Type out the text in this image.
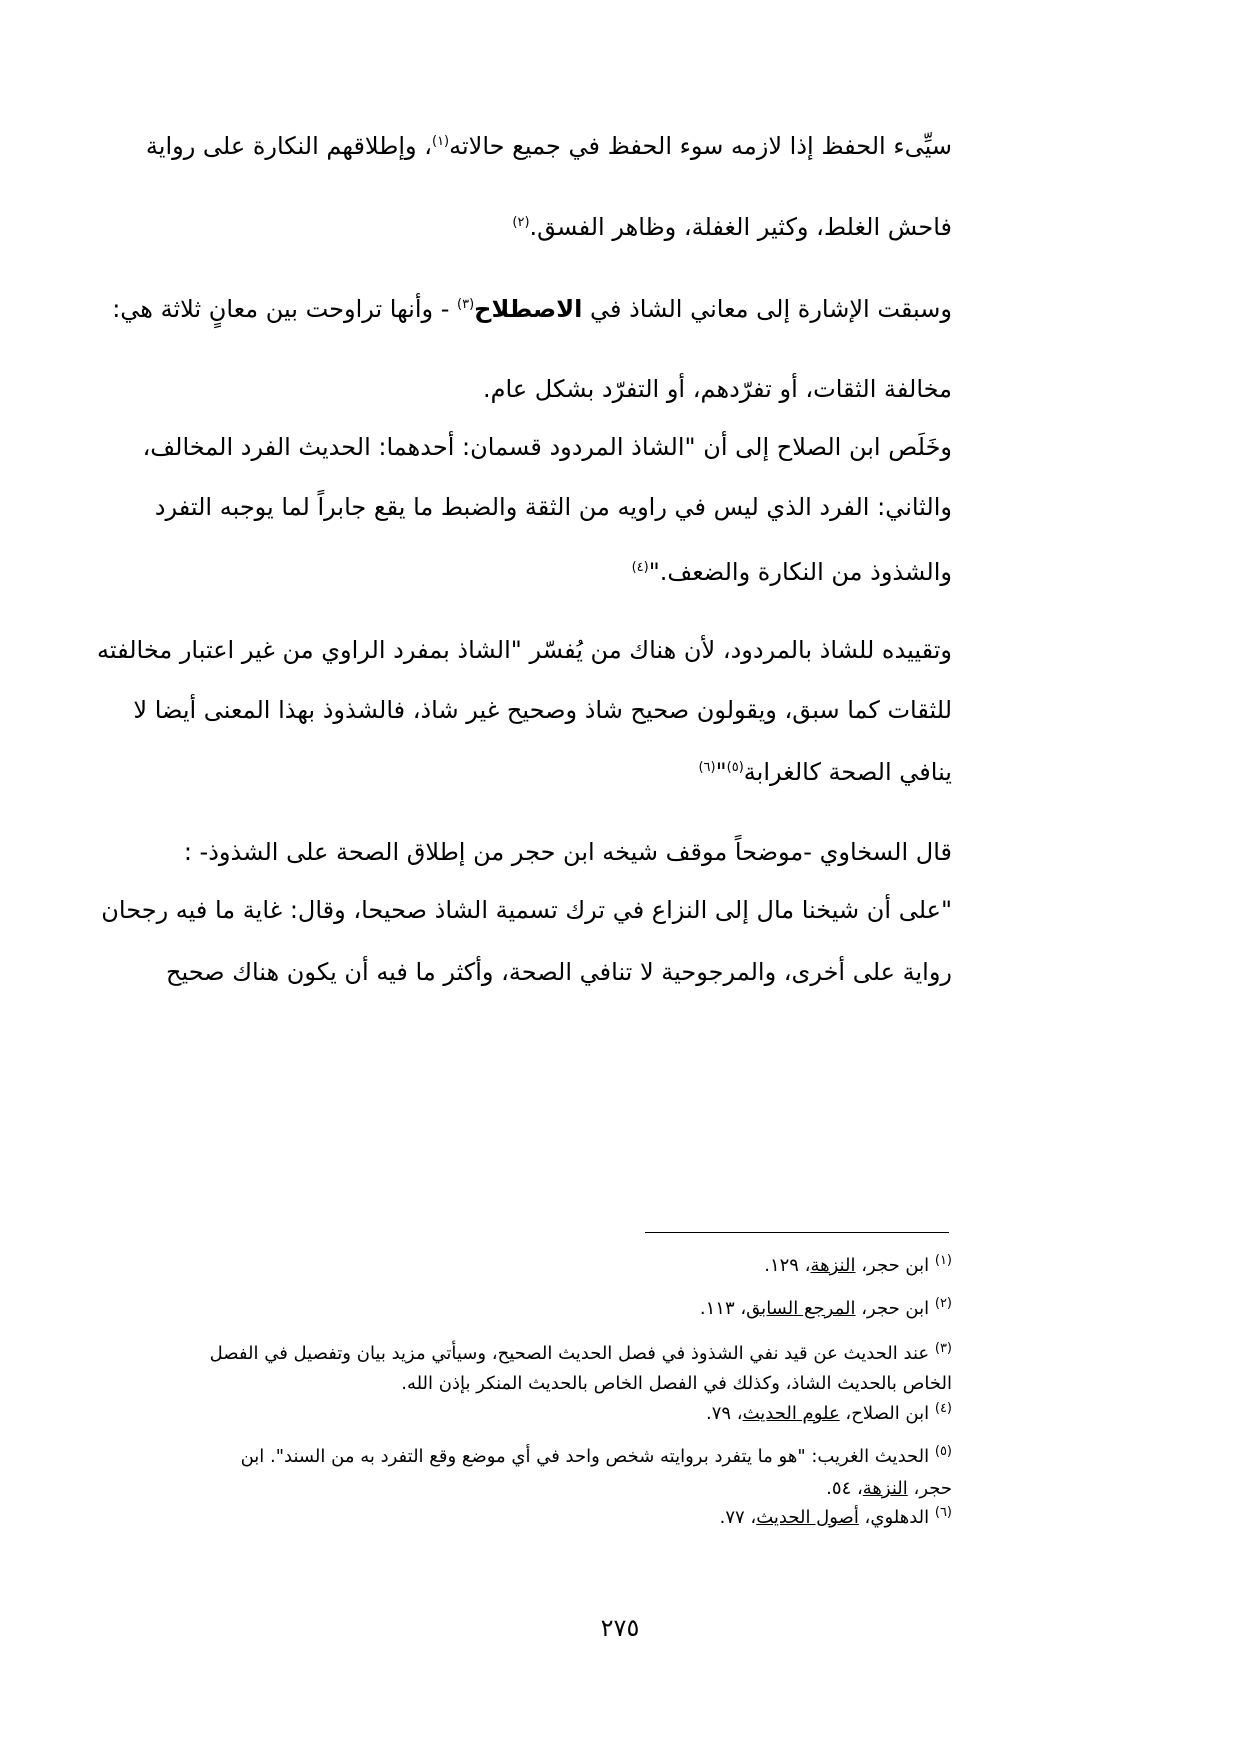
سيِّىء الحفظ إذا لازمه سوء الحفظ في جميع حالاته$^{(١)}$، وإطلاقهم النكارة على رواية
فاحش الغلط، وكثير الغفلة، وظاهر الفسق.$^{(٢)}$
وسبقت الإشارة إلى معاني الشاذ في الاصطلاح$^{(٣)}$ - وأنها تراوحت بين معانٍ ثلاثة هي:
مخالفة الثقات، أو تفرّدهم، أو التفرّد بشكل عام.
وخَلَص ابن الصلاح إلى أن "الشاذ المردود قسمان: أحدهما: الحديث الفرد المخالف،
والثاني: الفرد الذي ليس في راويه من الثقة والضبط ما يقع جابراً لما يوجبه التفرد
والشذوذ من النكارة والضعف."$^{(٤)}$
وتقييده للشاذ بالمردود، لأن هناك من يُفسّر "الشاذ بمفرد الراوي من غير اعتبار مخالفته
للثقات كما سبق، ويقولون صحيح شاذ وصحيح غير شاذ، فالشذوذ بهذا المعنى أيضا لا
ينافي الصحة كالغرابة$^{(٥)}$"$^{(٦)}$
قال السخاوي -موضحاً موقف شيخه ابن حجر من إطلاق الصحة على الشذوذ- :
"على أن شيخنا مال إلى النزاع في ترك تسمية الشاذ صحيحا، وقال: غاية ما فيه رجحان
رواية على أخرى، والمرجوحية لا تنافي الصحة، وأكثر ما فيه أن يكون هناك صحيح
$^{(١)}$ ابن حجر، النزهة، ١٢٩.
$^{(٢)}$ ابن حجر، المرجع السابق، ١١٣.
$^{(٣)}$ عند الحديث عن قيد نفي الشذوذ في فصل الحديث الصحيح، وسيأتي مزيد بيان وتفصيل في الفصل
الخاص بالحديث الشاذ، وكذلك في الفصل الخاص بالحديث المنكر بإذن الله.
$^{(٤)}$ ابن الصلاح، علوم الحديث، ٧٩.
$^{(٥)}$ الحديث الغريب: "هو ما يتفرد بروايته شخص واحد في أي موضع وقع التفرد به من السند". ابن
حجر، النزهة، ٥٤.
$^{(٦)}$ الدهلوي، أصول الحديث، ٧٧.
٢٧٥
